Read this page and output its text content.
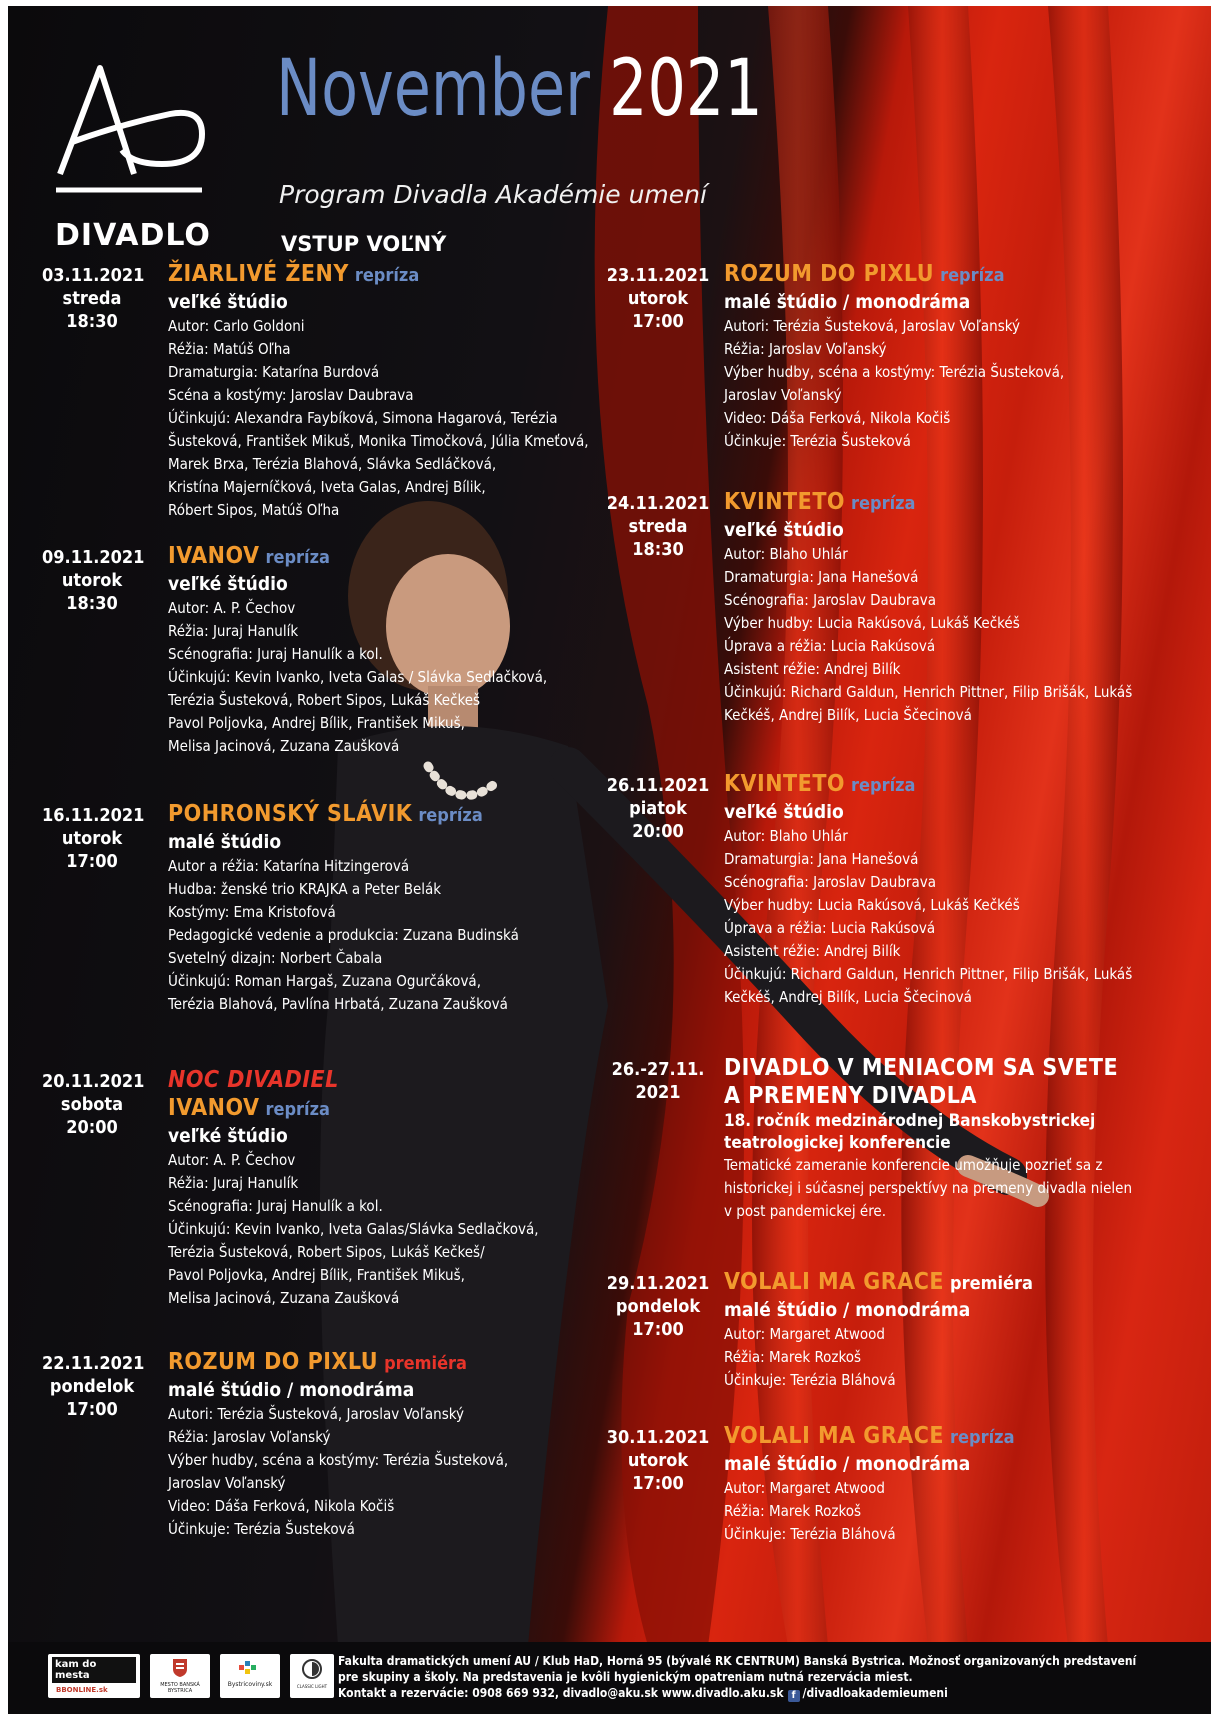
DIVADLO
November 2021
Program Divadla Akadémie umení
VSTUP VOĽNÝ
03.11.2021
streda
18:30
ŽIARLIVÉ ŽENY repríza
veľké štúdio
Autor: Carlo Goldoni
Réžia: Matúš Oľha
Dramaturgia: Katarína Burdová
Scéna a kostýmy: Jaroslav Daubrava
Účinkujú: Alexandra Faybíková, Simona Hagarová, Terézia
Šusteková, František Mikuš, Monika Timočková, Júlia Kmeťová,
Marek Brxa, Terézia Blahová, Slávka Sedláčková,
Kristína Majerníčková, Iveta Galas, Andrej Bílik,
Róbert Sipos, Matúš Oľha
09.11.2021
utorok
18:30
IVANOV repríza
veľké štúdio
Autor: A. P. Čechov
Réžia: Juraj Hanulík
Scénografia: Juraj Hanulík a kol.
Účinkujú: Kevin Ivanko, Iveta Galas / Slávka Sedlačková,
Terézia Šusteková, Robert Sipos, Lukáš Kečkeš
Pavol Poljovka, Andrej Bílik, František Mikuš,
Melisa Jacinová, Zuzana Zaušková
16.11.2021
utorok
17:00
POHRONSKÝ SLÁVIK repríza
malé štúdio
Autor a réžia: Katarína Hitzingerová
Hudba: ženské trio KRAJKA a Peter Belák
Kostýmy: Ema Kristofová
Pedagogické vedenie a produkcia: Zuzana Budinská
Svetelný dizajn: Norbert Čabala
Účinkujú: Roman Hargaš, Zuzana Ogurčáková,
Terézia Blahová, Pavlína Hrbatá, Zuzana Zaušková
20.11.2021
sobota
20:00
NOC DIVADIEL
IVANOV repríza
veľké štúdio
Autor: A. P. Čechov
Réžia: Juraj Hanulík
Scénografia: Juraj Hanulík a kol.
Účinkujú: Kevin Ivanko, Iveta Galas/Slávka Sedlačková,
Terézia Šusteková, Robert Sipos, Lukáš Kečkeš/
Pavol Poljovka, Andrej Bílik, František Mikuš,
Melisa Jacinová, Zuzana Zaušková
22.11.2021
pondelok
17:00
ROZUM DO PIXLU premiéra
malé štúdio / monodráma
Autori: Terézia Šusteková, Jaroslav Voľanský
Réžia: Jaroslav Voľanský
Výber hudby, scéna a kostýmy: Terézia Šusteková,
Jaroslav Voľanský
Video: Dáša Ferková, Nikola Kočiš
Účinkuje: Terézia Šusteková
23.11.2021
utorok
17:00
ROZUM DO PIXLU repríza
malé štúdio / monodráma
Autori: Terézia Šusteková, Jaroslav Voľanský
Réžia: Jaroslav Voľanský
Výber hudby, scéna a kostýmy: Terézia Šusteková,
Jaroslav Voľanský
Video: Dáša Ferková, Nikola Kočiš
Účinkuje: Terézia Šusteková
24.11.2021
streda
18:30
KVINTETO repríza
veľké štúdio
Autor: Blaho Uhlár
Dramaturgia: Jana Hanešová
Scénografia: Jaroslav Daubrava
Výber hudby: Lucia Rakúsová, Lukáš Kečkéš
Úprava a réžia: Lucia Rakúsová
Asistent réžie: Andrej Bilík
Účinkujú: Richard Galdun, Henrich Pittner, Filip Brišák, Lukáš
Kečkéš, Andrej Bilík, Lucia Ščecinová
26.11.2021
piatok
20:00
KVINTETO repríza
veľké štúdio
Autor: Blaho Uhlár
Dramaturgia: Jana Hanešová
Scénografia: Jaroslav Daubrava
Výber hudby: Lucia Rakúsová, Lukáš Kečkéš
Úprava a réžia: Lucia Rakúsová
Asistent réžie: Andrej Bilík
Účinkujú: Richard Galdun, Henrich Pittner, Filip Brišák, Lukáš
Kečkéš, Andrej Bilík, Lucia Ščecinová
26.-27.11.
2021
DIVADLO V MENIACOM SA SVETE
A PREMENY DIVADLA
18. ročník medzinárodnej Banskobystrickej
teatrologickej konferencie
Tematické zameranie konferencie umožňuje pozrieť sa z
historickej i súčasnej perspektívy na premeny divadla nielen
v post pandemickej ére.
29.11.2021
pondelok
17:00
VOLALI MA GRACE premiéra
malé štúdio / monodráma
Autor: Margaret Atwood
Réžia: Marek Rozkoš
Účinkuje: Terézia Bláhová
30.11.2021
utorok
17:00
VOLALI MA GRACE repríza
malé štúdio / monodráma
Autor: Margaret Atwood
Réžia: Marek Rozkoš
Účinkuje: Terézia Bláhová
kam do mesta
BBONLINE.sk
MESTO BANSKÁ BYSTRICA
Bystricoviny.sk	CLASSIC LIGHT
Fakulta dramatických umení AU / Klub HaD, Horná 95 (bývalé RK CENTRUM) Banská Bystrica. Možnosť organizovaných predstavení
pre skupiny a školy. Na predstavenia je kvôli hygienickým opatreniam nutná rezervácia miest.
Kontakt a rezervácie: 0908 669 932, divadlo@aku.sk www.divadlo.aku.sk f /divadloakademieumeni
